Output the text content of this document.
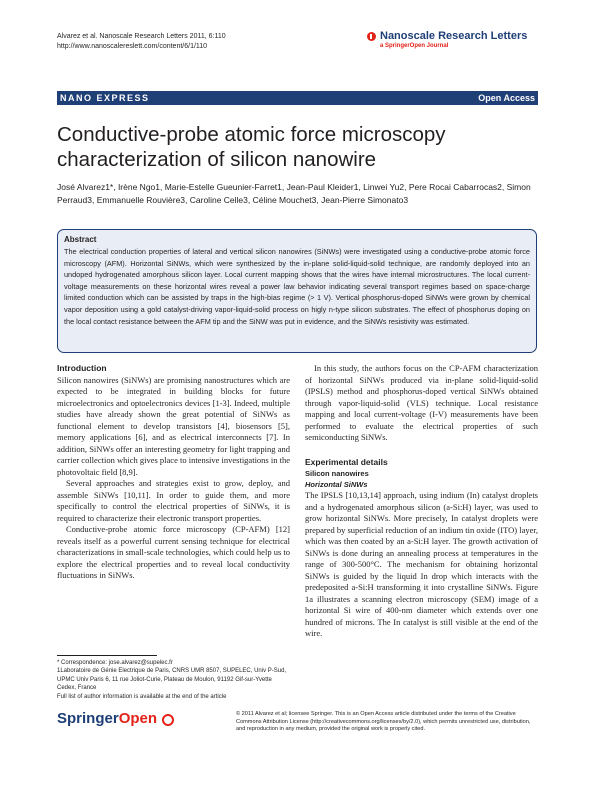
Alvarez et al. Nanoscale Research Letters 2011, 6:110
http://www.nanoscalereslett.com/content/6/1/110
Nanoscale Research Letters
a SpringerOpen Journal
NANO EXPRESS	Open Access
Conductive-probe atomic force microscopy characterization of silicon nanowire
José Alvarez1*, Irène Ngo1, Marie-Estelle Gueunier-Farret1, Jean-Paul Kleider1, Linwei Yu2, Pere Rocai Cabarrocas2, Simon Perraud3, Emmanuelle Rouvière3, Caroline Celle3, Céline Mouchet3, Jean-Pierre Simonato3
Abstract
The electrical conduction properties of lateral and vertical silicon nanowires (SiNWs) were investigated using a conductive-probe atomic force microscopy (AFM). Horizontal SiNWs, which were synthesized by the in-plane solid-liquid-solid technique, are randomly deployed into an undoped hydrogenated amorphous silicon layer. Local current mapping shows that the wires have internal microstructures. The local current-voltage measurements on these horizontal wires reveal a power law behavior indicating several transport regimes based on space-charge limited conduction which can be assisted by traps in the high-bias regime (> 1 V). Vertical phosphorus-doped SiNWs were grown by chemical vapor deposition using a gold catalyst-driving vapor-liquid-solid process on higly n-type silicon substrates. The effect of phosphorus doping on the local contact resistance between the AFM tip and the SiNW was put in evidence, and the SiNWs resistivity was estimated.

Introduction

Silicon nanowires (SiNWs) are promising nanostructures which are expected to be integrated in building blocks for future microelectronics and optoelectronics devices [1-3]. Indeed, multiple studies have already shown the great potential of SiNWs as functional element to develop transistors [4], biosensors [5], memory applications [6], and as electrical interconnects [7]. In addition, SiNWs offer an interesting geometry for light trapping and carrier collection which gives place to intensive investigations in the photovoltaic field [8,9].

Several approaches and strategies exist to grow, deploy, and assemble SiNWs [10,11]. In order to guide them, and more specifically to control the electrical properties of SiNWs, it is required to characterize their electronic transport properties.

Conductive-probe atomic force microscopy (CP-AFM) [12] reveals itself as a powerful current sensing technique for electrical characterizations in small-scale technologies, which could help us to explore the electrical properties and to reveal local conductivity fluctuations in SiNWs.

In this study, the authors focus on the CP-AFM characterization of horizontal SiNWs produced via in-plane solid-liquid-solid (IPSLS) method and phosphorus-doped vertical SiNWs obtained through vapor-liquid-solid (VLS) technique. Local resistance mapping and local current-voltage (I-V) measurements have been performed to evaluate the electrical properties of such semiconducting SiNWs.

Experimental details

Silicon nanowires

Horizontal SiNWs

The IPSLS [10,13,14] approach, using indium (In) catalyst droplets and a hydrogenated amorphous silicon (a-Si:H) layer, was used to grow horizontal SiNWs. More precisely, In catalyst droplets were prepared by superficial reduction of an indium tin oxide (ITO) layer, which was then coated by an a-Si:H layer. The growth activation of SiNWs is done during an annealing process at temperatures in the range of 300-500°C. The mechanism for obtaining horizontal SiNWs is guided by the liquid In drop which interacts with the predeposited a-Si:H transforming it into crystalline SiNWs. Figure 1a illustrates a scanning electron microscopy (SEM) image of a horizontal Si wire of 400-nm diameter which extends over one hundred of microns. The In catalyst is still visible at the end of the wire.

* Correspondence: jose.alvarez@supelec.fr
1Laboratoire de Génie Electrique de Paris, CNRS UMR 8507, SUPELEC, Univ P-Sud, UPMC Univ Paris 6, 11 rue Joliot-Curie, Plateau de Moulon, 91192 Gif-sur-Yvette Cedex, France
Full list of author information is available at the end of the article
SpringerOpen	© 2011 Alvarez et al; licensee Springer. This is an Open Access article distributed under the terms of the Creative Commons Attribution License (http://creativecommons.org/licenses/by/2.0), which permits unrestricted use, distribution, and reproduction in any medium, provided the original work is properly cited.
